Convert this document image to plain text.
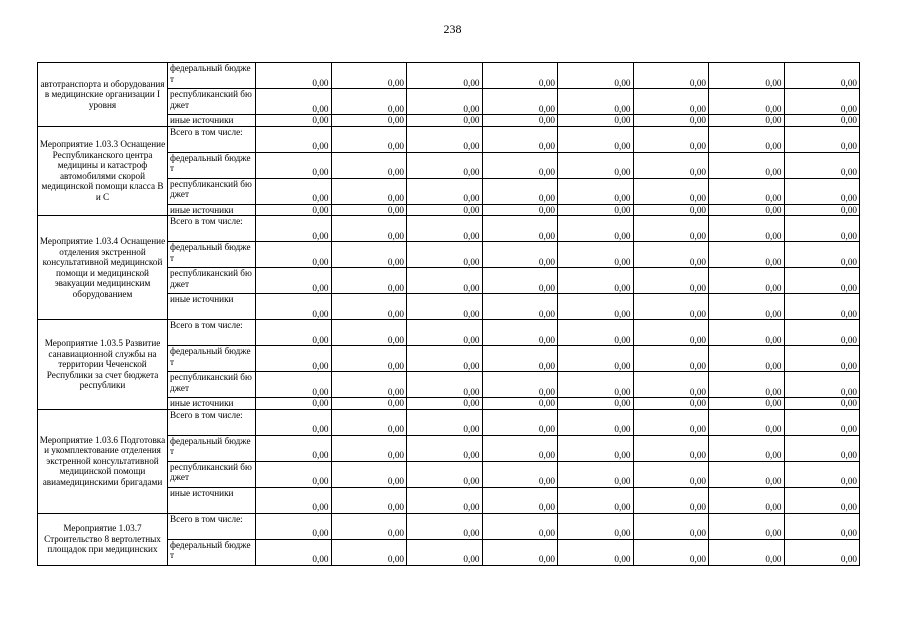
238
автотранспорта и оборудования в медицинские организации I уровня	федеральный бюджет	0,00	0,00	0,00	0,00	0,00	0,00	0,00	0,00
	республиканский бюджет	0,00	0,00	0,00	0,00	0,00	0,00	0,00	0,00
	иные источники	0,00	0,00	0,00	0,00	0,00	0,00	0,00	0,00
Мероприятие 1.03.3 Оснащение Республиканского центра медицины и катастроф автомобилями скорой медицинской помощи класса В и С	Всего в том числе:	0,00	0,00	0,00	0,00	0,00	0,00	0,00	0,00
	федеральный бюджет	0,00	0,00	0,00	0,00	0,00	0,00	0,00	0,00
	республиканский бюджет	0,00	0,00	0,00	0,00	0,00	0,00	0,00	0,00
	иные источники	0,00	0,00	0,00	0,00	0,00	0,00	0,00	0,00
Мероприятие 1.03.4 Оснащение отделения экстренной консультативной медицинской помощи и медицинской эвакуации медицинским оборудованием	Всего в том числе:	0,00	0,00	0,00	0,00	0,00	0,00	0,00	0,00
	федеральный бюджет	0,00	0,00	0,00	0,00	0,00	0,00	0,00	0,00
	республиканский бюджет	0,00	0,00	0,00	0,00	0,00	0,00	0,00	0,00
	иные источники	0,00	0,00	0,00	0,00	0,00	0,00	0,00	0,00
Мероприятие 1.03.5 Развитие санавиационной службы на территории Чеченской Республики за счет бюджета республики	Всего в том числе:	0,00	0,00	0,00	0,00	0,00	0,00	0,00	0,00
	федеральный бюджет	0,00	0,00	0,00	0,00	0,00	0,00	0,00	0,00
	республиканский бюджет	0,00	0,00	0,00	0,00	0,00	0,00	0,00	0,00
	иные источники	0,00	0,00	0,00	0,00	0,00	0,00	0,00	0,00
Мероприятие 1.03.6 Подготовка и укомплектование отделения экстренной консультативной медицинской помощи авиамедицинскими бригадами	Всего в том числе:	0,00	0,00	0,00	0,00	0,00	0,00	0,00	0,00
	федеральный бюджет	0,00	0,00	0,00	0,00	0,00	0,00	0,00	0,00
	республиканский бюджет	0,00	0,00	0,00	0,00	0,00	0,00	0,00	0,00
	иные источники	0,00	0,00	0,00	0,00	0,00	0,00	0,00	0,00
Мероприятие 1.03.7 Строительство 8 вертолетных площадок при медицинских	Всего в том числе:	0,00	0,00	0,00	0,00	0,00	0,00	0,00	0,00
	федеральный бюджет	0,00	0,00	0,00	0,00	0,00	0,00	0,00	0,00
